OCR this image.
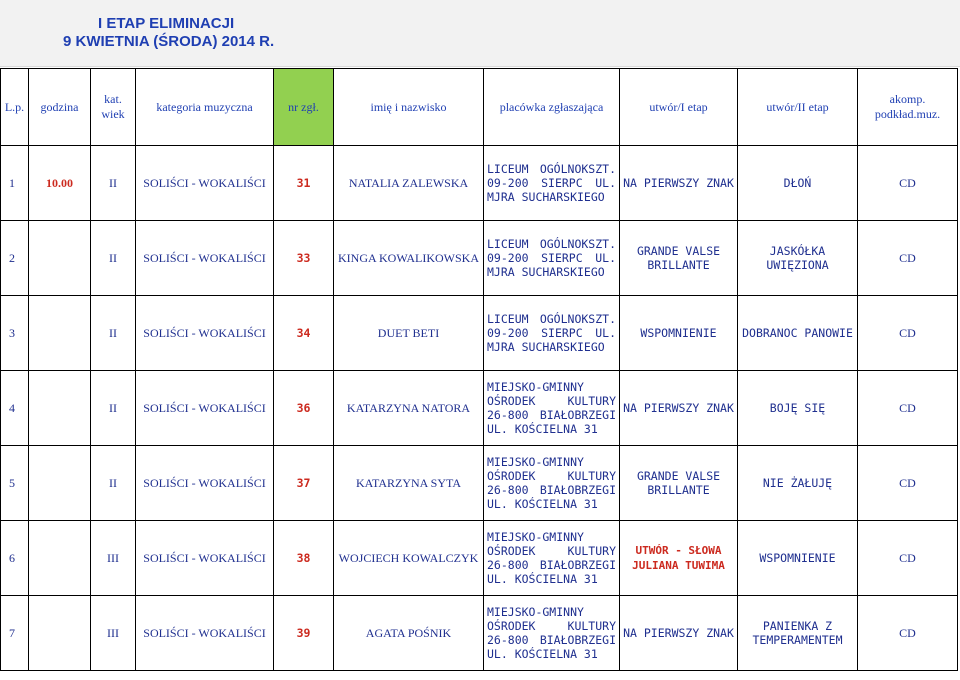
I ETAP ELIMINACJI
9 KWIETNIA (ŚRODA) 2014 R.
L.p.	godzina	kat. wiek	kategoria muzyczna	nr zgł.	imię i nazwisko	placówka zgłaszająca	utwór/I etap	utwór/II etap	akomp. podkład.muz.
1	10.00	II	SOLIŚCI - WOKALIŚCI	31	NATALIA ZALEWSKA	LICEUM OGÓLNOKSZT. 09-200 SIERPC UL. MJRA SUCHARSKIEGO	NA PIERWSZY ZNAK	DŁOŃ	CD
2		II	SOLIŚCI - WOKALIŚCI	33	KINGA KOWALIKOWSKA	LICEUM OGÓLNOKSZT. 09-200 SIERPC UL. MJRA SUCHARSKIEGO	GRANDE VALSE BRILLANTE	JASKÓŁKA UWIĘZIONA	CD
3		II	SOLIŚCI - WOKALIŚCI	34	DUET BETI	LICEUM OGÓLNOKSZT. 09-200 SIERPC UL. MJRA SUCHARSKIEGO	WSPOMNIENIE	DOBRANOC PANOWIE	CD
4		II	SOLIŚCI - WOKALIŚCI	36	KATARZYNA NATORA	MIEJSKO-GMINNY OŚRODEK KULTURY 26-800 BIAŁOBRZEGI UL. KOŚCIELNA 31	NA PIERWSZY ZNAK	BOJĘ SIĘ	CD
5		II	SOLIŚCI - WOKALIŚCI	37	KATARZYNA SYTA	MIEJSKO-GMINNY OŚRODEK KULTURY 26-800 BIAŁOBRZEGI UL. KOŚCIELNA 31	GRANDE VALSE BRILLANTE	NIE ŻAŁUJĘ	CD
6		III	SOLIŚCI - WOKALIŚCI	38	WOJCIECH KOWALCZYK	MIEJSKO-GMINNY OŚRODEK KULTURY 26-800 BIAŁOBRZEGI UL. KOŚCIELNA 31	UTWÓR - SŁOWA JULIANA TUWIMA	WSPOMNIENIE	CD
7		III	SOLIŚCI - WOKALIŚCI	39	AGATA POŚNIK	MIEJSKO-GMINNY OŚRODEK KULTURY 26-800 BIAŁOBRZEGI UL. KOŚCIELNA 31	NA PIERWSZY ZNAK	PANIENKA Z TEMPERAMENTEM	CD
